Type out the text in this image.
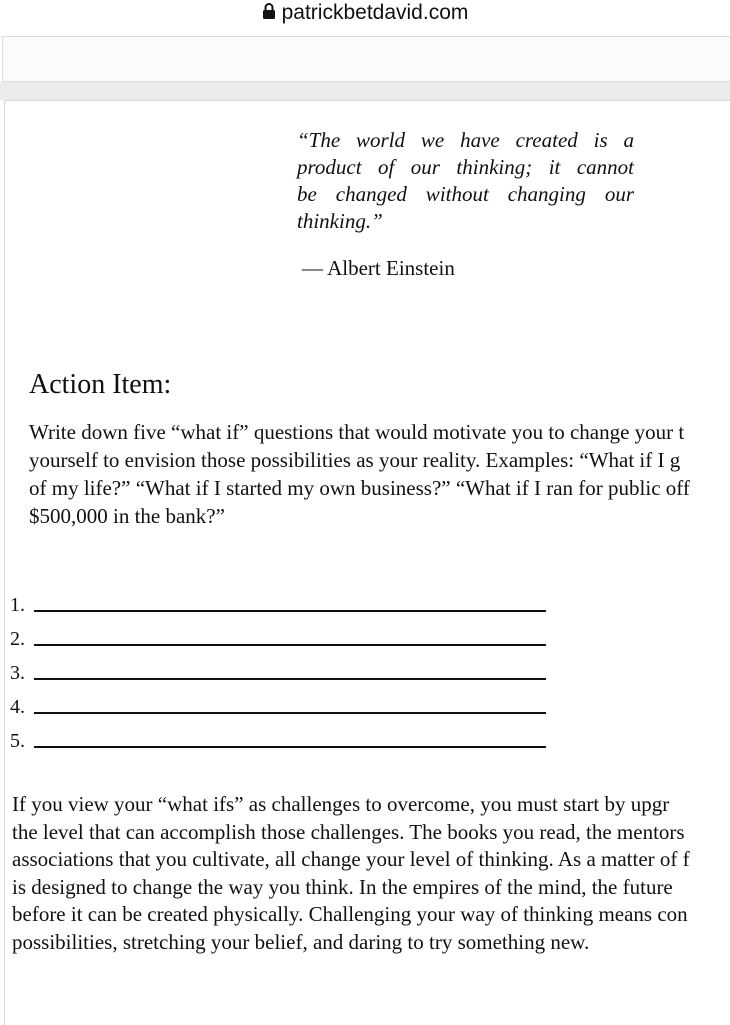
patrickbetdavid.com
“The world we have created is a
product of our thinking; it cannot
be changed without changing our
thinking.”
— Albert Einstein
Action Item:
Write down five “what if” questions that would motivate you to change your t
yourself to envision those possibilities as your reality. Examples: “What if I g
of my life?” “What if I started my own business?” “What if I ran for public off
$500,000 in the bank?”
1.
2.
3.
4.
5.
If you view your “what ifs” as challenges to overcome, you must start by upgr
the level that can accomplish those challenges. The books you read, the mentors
associations that you cultivate, all change your level of thinking. As a matter of f
is designed to change the way you think. In the empires of the mind, the future
before it can be created physically. Challenging your way of thinking means con
possibilities, stretching your belief, and daring to try something new.
